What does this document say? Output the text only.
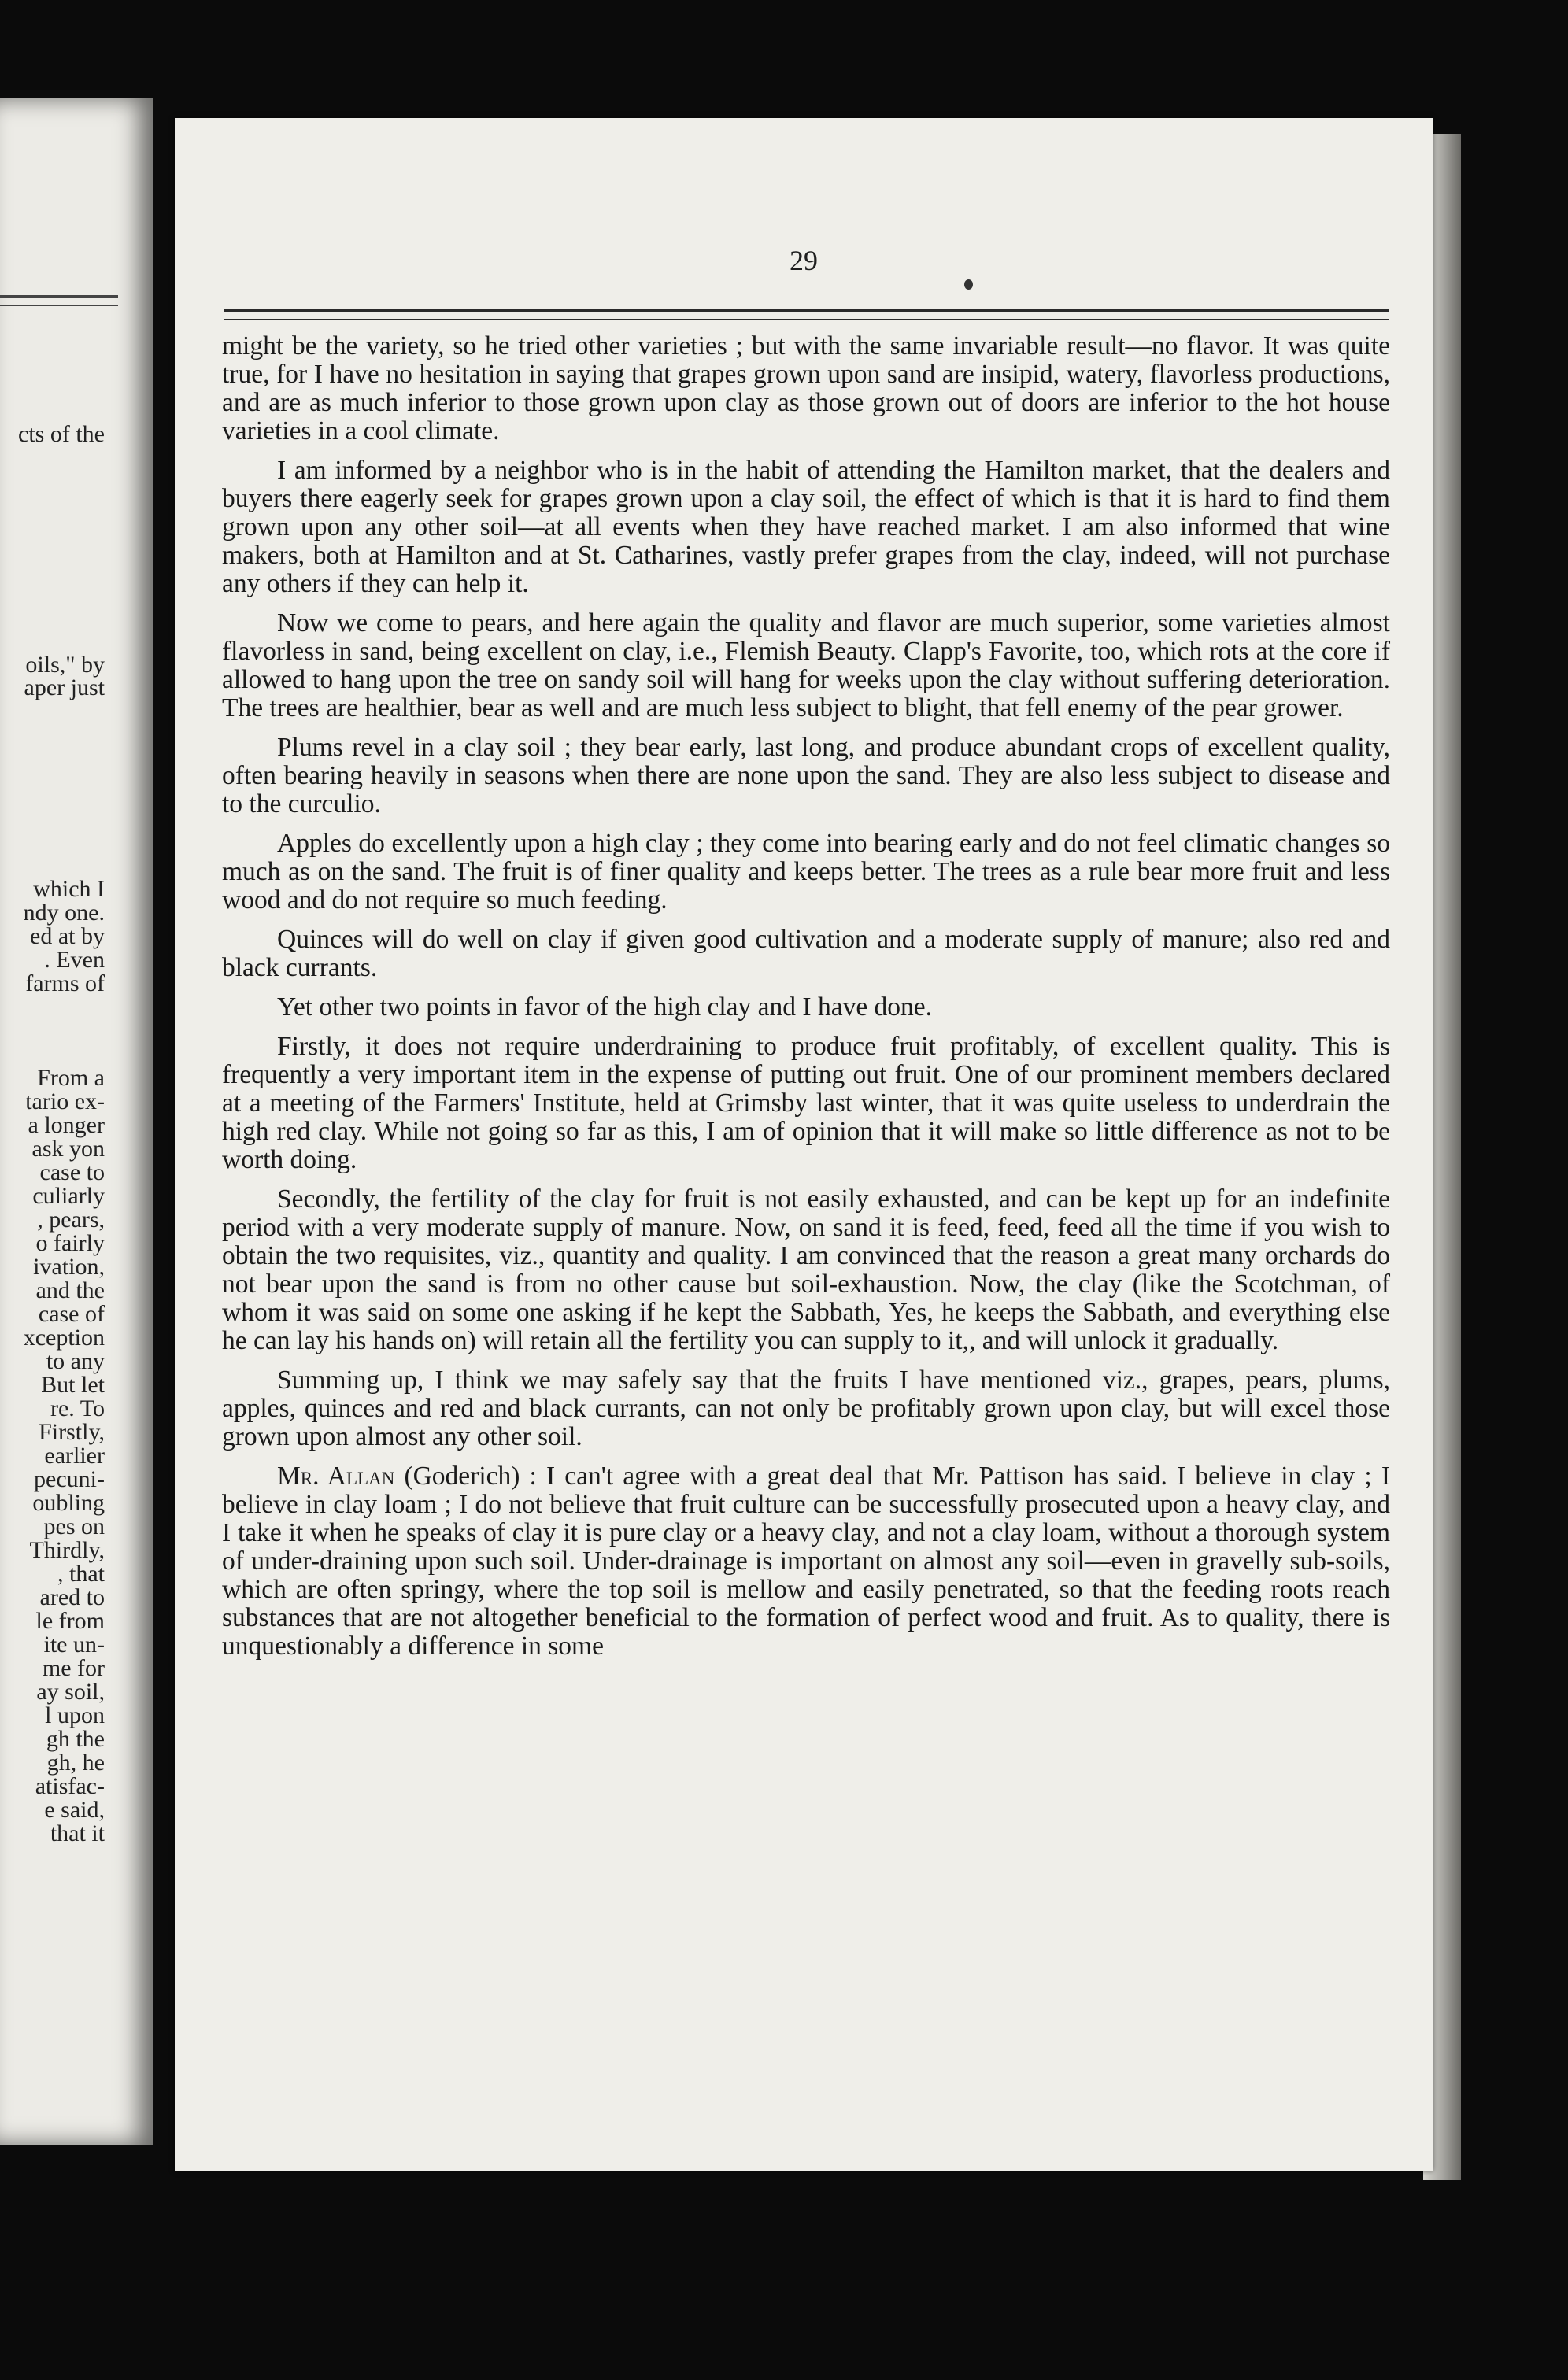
cts of the
oils," by
aper just
which I
ndy one.
ed at by
. Even
farms of
From a
tario ex-
a longer
ask yon
case to
culiarly
, pears,
o fairly
ivation,
and the
case of
xception
to any
But let
re. To
Firstly,
earlier
pecuni-
oubling
pes on
Thirdly,
, that
ared to
le from
ite un-
me for
ay soil,
l upon
gh the
gh, he
atisfac-
e said,
that it
29

might be the variety, so he tried other varieties ; but with the same invariable result—no flavor. It was quite true, for I have no hesitation in saying that grapes grown upon sand are insipid, watery, flavorless productions, and are as much inferior to those grown upon clay as those grown out of doors are inferior to the hot house varieties in a cool climate.

I am informed by a neighbor who is in the habit of attending the Hamilton market, that the dealers and buyers there eagerly seek for grapes grown upon a clay soil, the effect of which is that it is hard to find them grown upon any other soil—at all events when they have reached market. I am also informed that wine makers, both at Hamilton and at St. Catharines, vastly prefer grapes from the clay, indeed, will not purchase any others if they can help it.

Now we come to pears, and here again the quality and flavor are much superior, some varieties almost flavorless in sand, being excellent on clay, i.e., Flemish Beauty. Clapp's Favorite, too, which rots at the core if allowed to hang upon the tree on sandy soil will hang for weeks upon the clay without suffering deterioration. The trees are healthier, bear as well and are much less subject to blight, that fell enemy of the pear grower.

Plums revel in a clay soil ; they bear early, last long, and produce abundant crops of excellent quality, often bearing heavily in seasons when there are none upon the sand. They are also less subject to disease and to the curculio.

Apples do excellently upon a high clay ; they come into bearing early and do not feel climatic changes so much as on the sand. The fruit is of finer quality and keeps better. The trees as a rule bear more fruit and less wood and do not require so much feeding.

Quinces will do well on clay if given good cultivation and a moderate supply of manure; also red and black currants.

Yet other two points in favor of the high clay and I have done.

Firstly, it does not require underdraining to produce fruit profitably, of excellent quality. This is frequently a very important item in the expense of putting out fruit. One of our prominent members declared at a meeting of the Farmers' Institute, held at Grimsby last winter, that it was quite useless to underdrain the high red clay. While not going so far as this, I am of opinion that it will make so little difference as not to be worth doing.

Secondly, the fertility of the clay for fruit is not easily exhausted, and can be kept up for an indefinite period with a very moderate supply of manure. Now, on sand it is feed, feed, feed all the time if you wish to obtain the two requisites, viz., quantity and quality. I am convinced that the reason a great many orchards do not bear upon the sand is from no other cause but soil-exhaustion. Now, the clay (like the Scotchman, of whom it was said on some one asking if he kept the Sabbath, Yes, he keeps the Sabbath, and everything else he can lay his hands on) will retain all the fertility you can supply to it,, and will unlock it gradually.

Summing up, I think we may safely say that the fruits I have mentioned viz., grapes, pears, plums, apples, quinces and red and black currants, can not only be profitably grown upon clay, but will excel those grown upon almost any other soil.

Mr. Allan (Goderich) : I can't agree with a great deal that Mr. Pattison has said. I believe in clay ; I believe in clay loam ; I do not believe that fruit culture can be successfully prosecuted upon a heavy clay, and I take it when he speaks of clay it is pure clay or a heavy clay, and not a clay loam, without a thorough system of under-draining upon such soil. Under-drainage is important on almost any soil—even in gravelly sub-soils, which are often springy, where the top soil is mellow and easily penetrated, so that the feeding roots reach substances that are not altogether beneficial to the formation of perfect wood and fruit. As to quality, there is unquestionably a difference in some
